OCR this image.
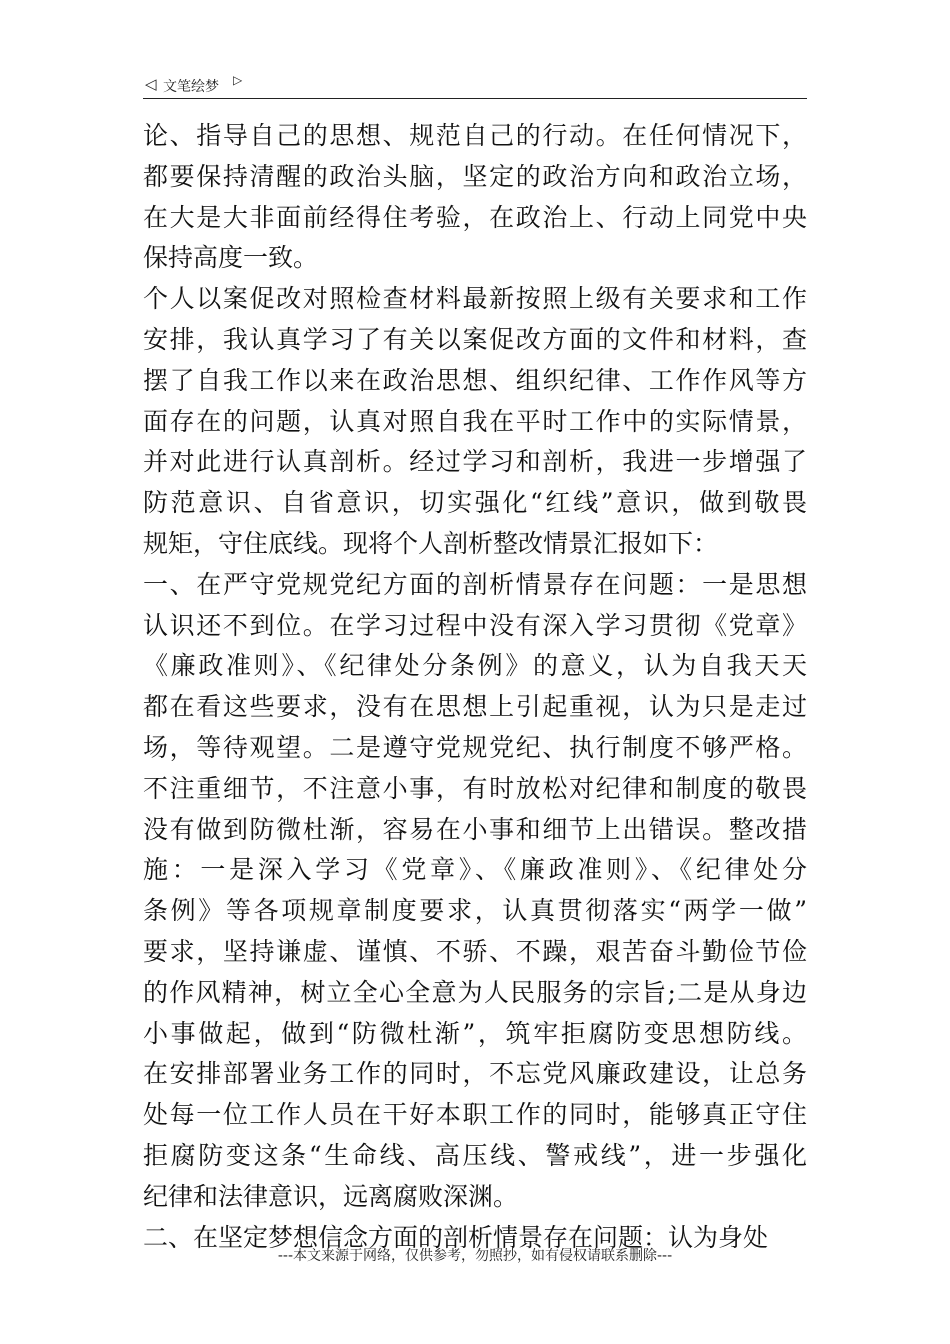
◁ 文笔绘梦 ▷
论、指导自己的思想、规范自己的行动。在任何情况下，
都要保持清醒的政治头脑，坚定的政治方向和政治立场，
在大是大非面前经得住考验，在政治上、行动上同党中央
保持高度一致。
个人以案促改对照检查材料最新按照上级有关要求和工作
安排，我认真学习了有关以案促改方面的文件和材料，查
摆了自我工作以来在政治思想、组织纪律、工作作风等方
面存在的问题，认真对照自我在平时工作中的实际情景，
并对此进行认真剖析。经过学习和剖析，我进一步增强了
防范意识、自省意识，切实强化“红线”意识，做到敬畏
规矩，守住底线。现将个人剖析整改情景汇报如下：
一、在严守党规党纪方面的剖析情景存在问题：一是思想
认识还不到位。在学习过程中没有深入学习贯彻《党章》
《廉政准则》、《纪律处分条例》的意义，认为自我天天
都在看这些要求，没有在思想上引起重视，认为只是走过
场，等待观望。二是遵守党规党纪、执行制度不够严格。
不注重细节，不注意小事，有时放松对纪律和制度的敬畏
没有做到防微杜渐，容易在小事和细节上出错误。整改措
施：一是深入学习《党章》、《廉政准则》、《纪律处分
条例》等各项规章制度要求，认真贯彻落实“两学一做”
要求，坚持谦虚、谨慎、不骄、不躁，艰苦奋斗勤俭节俭
的作风精神，树立全心全意为人民服务的宗旨;二是从身边
小事做起，做到“防微杜渐”，筑牢拒腐防变思想防线。
在安排部署业务工作的同时，不忘党风廉政建设，让总务
处每一位工作人员在干好本职工作的同时，能够真正守住
拒腐防变这条“生命线、高压线、警戒线”，进一步强化
纪律和法律意识，远离腐败深渊。
二、在坚定梦想信念方面的剖析情景存在问题：认为身处
---本文来源于网络，仅供参考，勿照抄，如有侵权请联系删除---
